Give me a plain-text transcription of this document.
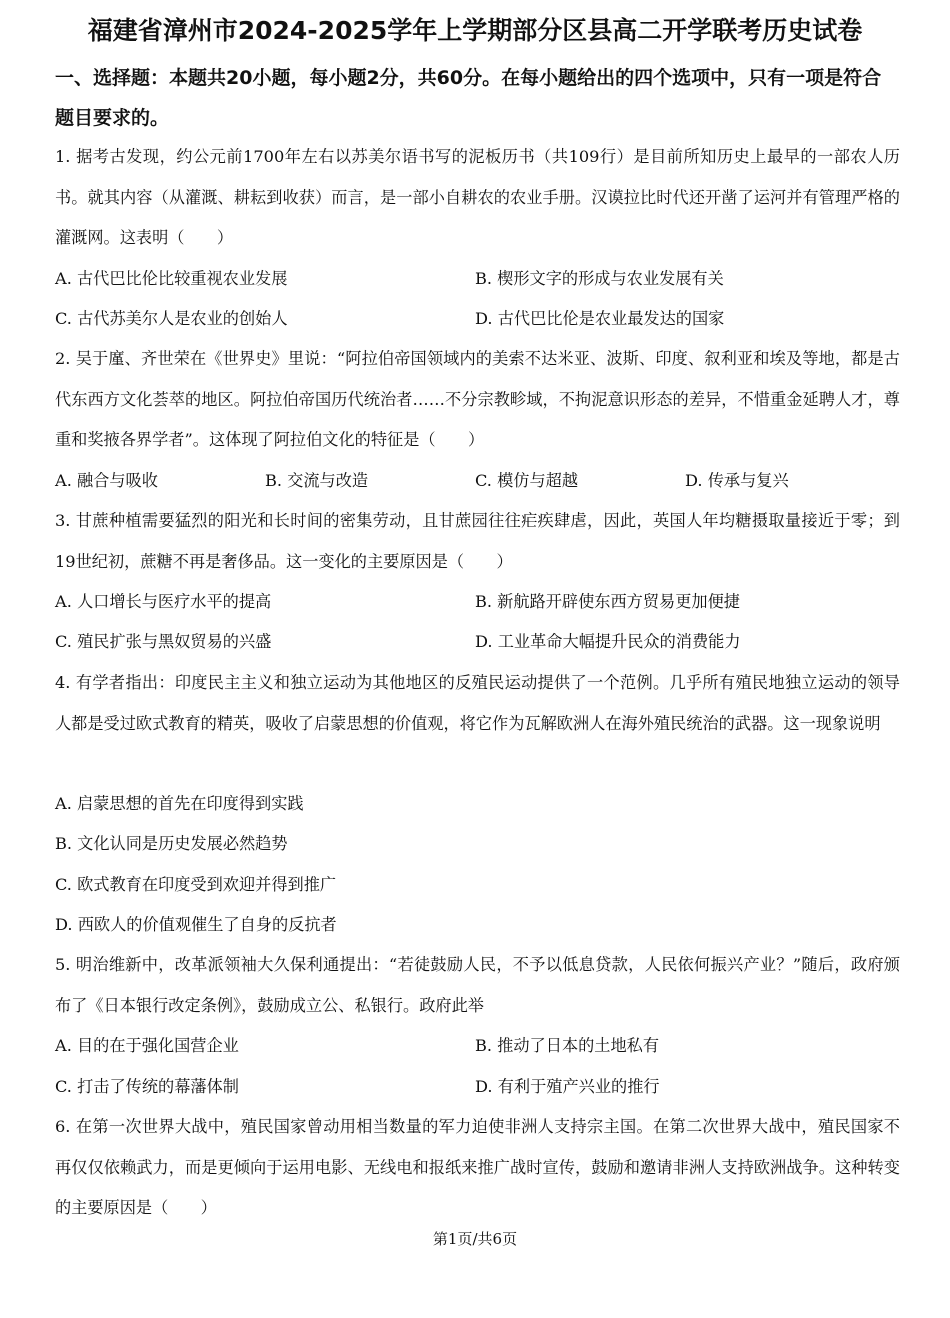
福建省漳州市2024-2025学年上学期部分区县高二开学联考历史试卷
一、选择题：本题共20小题，每小题2分，共60分。在每小题给出的四个选项中，只有一项是符合题目要求的。
1. 据考古发现，约公元前1700年左右以苏美尔语书写的泥板历书（共109行）是目前所知历史上最早的一部农人历书。就其内容（从灌溉、耕耘到收获）而言，是一部小自耕农的农业手册。汉谟拉比时代还开凿了运河并有管理严格的灌溉网。这表明（　　）
A. 古代巴比伦比较重视农业发展	B. 楔形文字的形成与农业发展有关
C. 古代苏美尔人是农业的创始人	D. 古代巴比伦是农业最发达的国家
2. 吴于廑、齐世荣在《世界史》里说：“阿拉伯帝国领域内的美索不达米亚、波斯、印度、叙利亚和埃及等地，都是古代东西方文化荟萃的地区。阿拉伯帝国历代统治者……不分宗教畛域，不拘泥意识形态的差异，不惜重金延聘人才，尊重和奖掖各界学者”。这体现了阿拉伯文化的特征是（　　）
A. 融合与吸收	B. 交流与改造	C. 模仿与超越	D. 传承与复兴
3. 甘蔗种植需要猛烈的阳光和长时间的密集劳动，且甘蔗园往往疟疾肆虐，因此，英国人年均糖摄取量接近于零；到19世纪初，蔗糖不再是奢侈品。这一变化的主要原因是（　　）
A. 人口增长与医疗水平的提高	B. 新航路开辟使东西方贸易更加便捷
C. 殖民扩张与黑奴贸易的兴盛	D. 工业革命大幅提升民众的消费能力
4. 有学者指出：印度民主主义和独立运动为其他地区的反殖民运动提供了一个范例。几乎所有殖民地独立运动的领导人都是受过欧式教育的精英，吸收了启蒙思想的价值观，将它作为瓦解欧洲人在海外殖民统治的武器。这一现象说明
A. 启蒙思想的首先在印度得到实践
B. 文化认同是历史发展必然趋势
C. 欧式教育在印度受到欢迎并得到推广
D. 西欧人的价值观催生了自身的反抗者
5. 明治维新中，改革派领袖大久保利通提出：“若徒鼓励人民，不予以低息贷款，人民依何振兴产业？”随后，政府颁布了《日本银行改定条例》，鼓励成立公、私银行。政府此举
A. 目的在于强化国营企业	B. 推动了日本的土地私有
C. 打击了传统的幕藩体制	D. 有利于殖产兴业的推行
6. 在第一次世界大战中，殖民国家曾动用相当数量的军力迫使非洲人支持宗主国。在第二次世界大战中，殖民国家不再仅仅依赖武力，而是更倾向于运用电影、无线电和报纸来推广战时宣传，鼓励和邀请非洲人支持欧洲战争。这种转变的主要原因是（　　）
第1页/共6页
